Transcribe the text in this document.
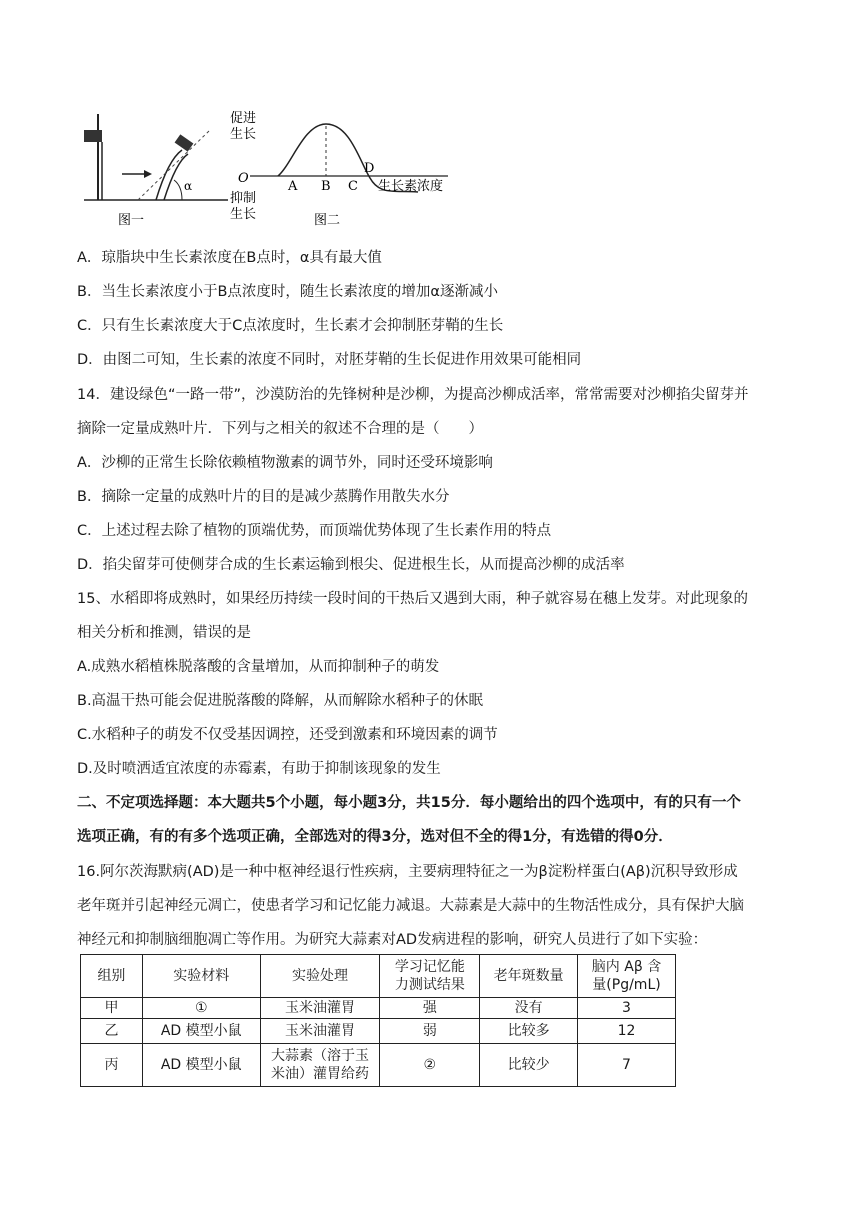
α
图一
促进
生长
O
抑制
生长
A B C
D
生长素浓度
图二
A．琼脂块中生长素浓度在B点时，α具有最大值
B．当生长素浓度小于B点浓度时，随生长素浓度的增加α逐渐减小
C．只有生长素浓度大于C点浓度时，生长素才会抑制胚芽鞘的生长
D．由图二可知，生长素的浓度不同时，对胚芽鞘的生长促进作用效果可能相同
14．建设绿色“一路一带”，沙漠防治的先锋树种是沙柳，为提高沙柳成活率，常常需要对沙柳掐尖留芽并
摘除一定量成熟叶片．下列与之相关的叙述不合理的是（　　）
A．沙柳的正常生长除依赖植物激素的调节外，同时还受环境影响
B．摘除一定量的成熟叶片的目的是减少蒸腾作用散失水分
C．上述过程去除了植物的顶端优势，而顶端优势体现了生长素作用的特点
D．掐尖留芽可使侧芽合成的生长素运输到根尖、促进根生长，从而提高沙柳的成活率
15、水稻即将成熟时，如果经历持续一段时间的干热后又遇到大雨，种子就容易在穗上发芽。对此现象的
相关分析和推测，错误的是
A.成熟水稻植株脱落酸的含量增加，从而抑制种子的萌发
B.高温干热可能会促进脱落酸的降解，从而解除水稻种子的休眠
C.水稻种子的萌发不仅受基因调控，还受到激素和环境因素的调节
D.及时喷洒适宜浓度的赤霉素，有助于抑制该现象的发生
二、不定项选择题：本大题共5个小题，每小题3分，共15分．每小题给出的四个选项中，有的只有一个
选项正确，有的有多个选项正确，全部选对的得3分，选对但不全的得1分，有选错的得0分．
16.阿尔茨海默病(AD)是一种中枢神经退行性疾病，主要病理特征之一为β淀粉样蛋白(Aβ)沉积导致形成
老年斑并引起神经元凋亡，使患者学习和记忆能力减退。大蒜素是大蒜中的生物活性成分，具有保护大脑
神经元和抑制脑细胞凋亡等作用。为研究大蒜素对AD发病进程的影响，研究人员进行了如下实验：
组别	实验材料	实验处理	学习记忆能
力测试结果	老年斑数量	脑内 Aβ 含
量(Pg/mL)
甲	①	玉米油灌胃	强	没有	3
乙	AD 模型小鼠	玉米油灌胃	弱	比较多	12
丙	AD 模型小鼠	大蒜素（溶于玉
米油）灌胃给药	②	比较少	7
